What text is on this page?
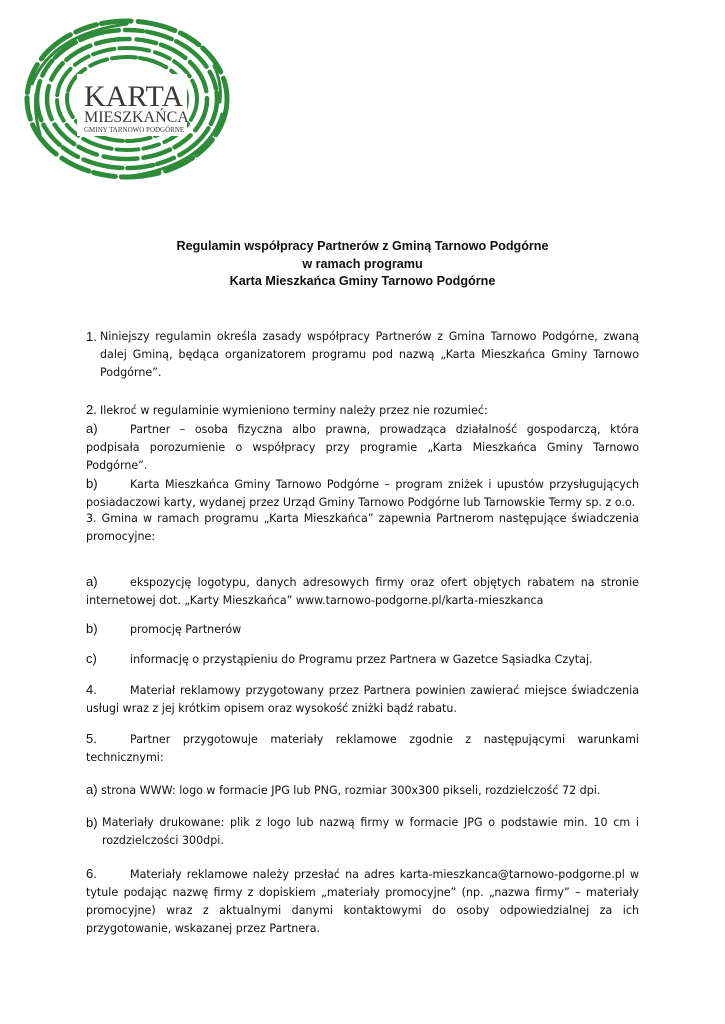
KARTA
MIESZKAŃCA
GMINY TARNOWO PODGÓRNE
Regulamin współpracy Partnerów z Gminą Tarnowo Podgórne
w ramach programu
Karta Mieszkańca Gminy Tarnowo Podgórne
1. Niniejszy regulamin określa zasady współpracy Partnerów z Gmina Tarnowo Podgórne, zwaną dalej Gminą, będąca organizatorem programu pod nazwą „Karta Mieszkańca Gminy Tarnowo Podgórne”.

2. Ilekroć w regulaminie wymieniono terminy należy przez nie rozumieć:

a)	Partner – osoba fizyczna albo prawna, prowadząca działalność gospodarczą, która podpisała porozumienie o współpracy przy programie „Karta Mieszkańca Gminy Tarnowo Podgórne”.

b)	Karta Mieszkańca Gminy Tarnowo Podgórne – program zniżek i upustów przysługujących posiadaczowi karty, wydanej przez Urząd Gminy Tarnowo Podgórne lub Tarnowskie Termy sp. z o.o.

3. Gmina w ramach programu „Karta Mieszkańca” zapewnia Partnerom następujące świadczenia promocyjne:

a)	ekspozycję logotypu, danych adresowych firmy oraz ofert objętych rabatem na stronie internetowej dot. „Karty Mieszkańca” www.tarnowo-podgorne.pl/karta-mieszkanca

b)	promocję Partnerów

c)	informację o przystąpieniu do Programu przez Partnera w Gazetce Sąsiadka Czytaj.

4.	Materiał reklamowy przygotowany przez Partnera powinien zawierać miejsce świadczenia usługi wraz z jej krótkim opisem oraz wysokość zniżki bądź rabatu.

5.	Partner przygotowuje materiały reklamowe zgodnie z następującymi warunkami technicznymi:

a) strona WWW: logo w formacie JPG lub PNG, rozmiar 300x300 pikseli, rozdzielczość 72 dpi.

b) Materiały drukowane: plik z logo lub nazwą firmy w formacie JPG o podstawie min. 10 cm i rozdzielczości 300dpi.

6.	Materiały reklamowe należy przesłać na adres karta-mieszkanca@tarnowo-podgorne.pl w tytule podając nazwę firmy z dopiskiem „materiały promocyjne” (np. „nazwa firmy” – materiały promocyjne) wraz z aktualnymi danymi kontaktowymi do osoby odpowiedzialnej za ich przygotowanie, wskazanej przez Partnera.
